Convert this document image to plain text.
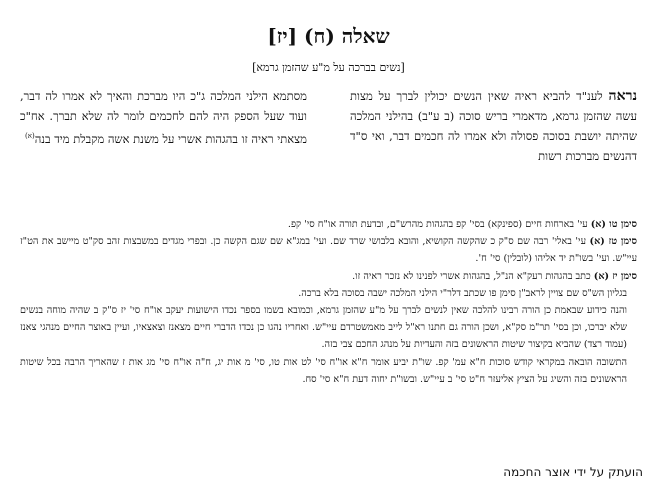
שאלה (ח) [יז]
[נשים בברכה על מ"ע שהזמן גרמא]
נראה לענ"ד להביא ראיה שאין הנשים יכולין לברך על מצות עשה שהזמן גרמא, מדאמרי בריש סוכה (ב ע"ב) בהילני המלכה שהיתה יושבת בסוכה פסולה ולא אמרו לה חכמים דבר, ואי ס"ד דהנשים מברכות רשות
מסתמא הילני המלכה ג"כ היו מברכת והאיך לא אמרו לה דבר, ועוד שעל הספק היה להם לחכמים לומר לה שלא תברך. אח"כ מצאתי ראיה זו בהגהות אשרי על משנת אשה מקבלת מיד בנה$^{(א)}$

סימן טו (א) עי' בארחות חיים (ספינקא) בסי' קפ בהגהות מהרש"ם, ובדעת תורה או"ח סי' קפ.

סימן טז (א) עי' באלי' רבה שם ס"ק כ שהקשה הקושיא, והובא בלבושי שרד שם. ועי' במג"א שם שגם הקשה כן. ובפרי מגדים במשבצות זהב סק"ט מיישב את הט"ז עיי"ש. ועי' בשו"ת יד אליהו (לובלין) סי' ח'.

סימן יז (א) כתב בהגהות רעק"א הנ"ל, בהגהות אשרי לפנינו לא נזכר ראיה זו.

בגליון הש"ס שם צויין לראב"ן סימן פו שכתב דלר"י הילני המלכה ישבה בסוכה בלא ברכה.

והנה כידוע שבאמת כן הורה רבינו להלכה שאין לנשים לברך על מ"ע שהזמן גרמא, וכמובא בשמו בספר נכדו הישועות יעקב או"ח סי' יז ס"ק ב שהיה מוחה בנשים שלא יברכו, וכן בסי' תר"מ סק"א, ושכן הורה גם חתנו רא"ל לייב מאמשטרדם עיי"ש. ואחריו נהגו כן נכדו הדברי חיים מצאנז וצאצאיו, ועיין באוצר החיים מנהגי צאנז (עמוד רצד) שהביא בקיצור שיטות הראשונים בזה והעדיות על מנהג החכם צבי בזה.

התשובה הובאה במקראי קודש סוכות ח"א עמ' קפ. שו"ת יביע אומר ח"א או"ח סי' לט אות טו, סי' מ אות יג, ח"ה או"ח סי' מג אות ז שהאריך הרבה בכל שיטות הראשונים בזה והשיג על הציץ אליעזר ח"ט סי' ב עיי"ש. ובשו"ת יחוה דעת ח"א סי' סח.

הועתק על ידי אוצר החכמה
